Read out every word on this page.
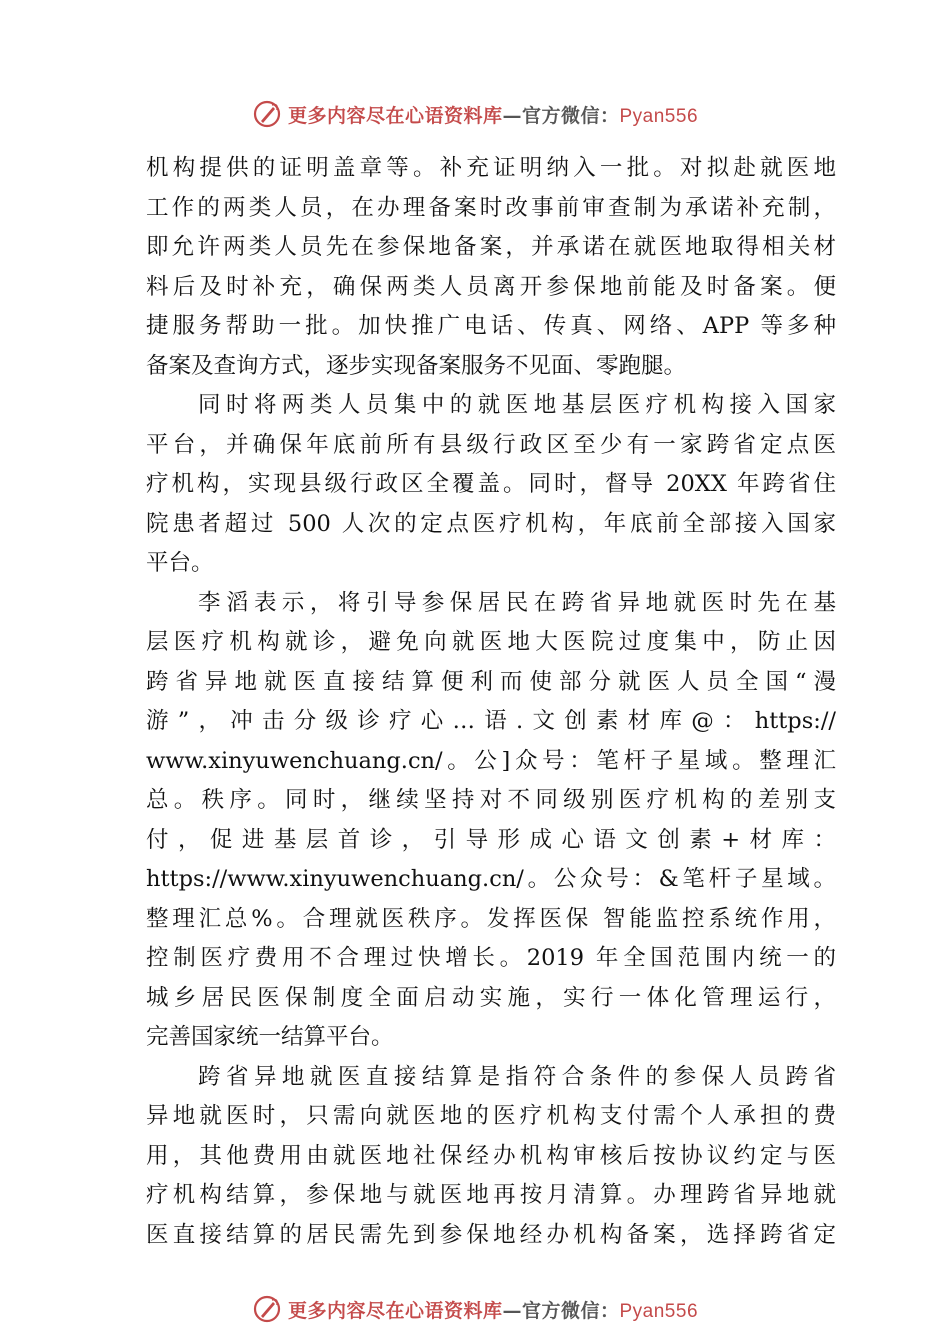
更多内容尽在心语资料库—官方微信：Pyan556
机构提供的证明盖章等。补充证明纳入一批。对拟赴就医地
工作的两类人员，在办理备案时改事前审查制为承诺补充制，
即允许两类人员先在参保地备案，并承诺在就医地取得相关材
料后及时补充，确保两类人员离开参保地前能及时备案。便
捷服务帮助一批。加快推广电话、传真、网络、APP 等多种
备案及查询方式，逐步实现备案服务不见面、零跑腿。
同时将两类人员集中的就医地基层医疗机构接入国家
平台，并确保年底前所有县级行政区至少有一家跨省定点医
疗机构，实现县级行政区全覆盖。同时，督导 20XX 年跨省住
院患者超过 500 人次的定点医疗机构，年底前全部接入国家
平台。
李滔表示，将引导参保居民在跨省异地就医时先在基
层医疗机构就诊，避免向就医地大医院过度集中，防止因
跨省异地就医直接结算便利而使部分就医人员全国“漫
游”，冲击分级诊疗心…语.文创素材库@：https://
www.xinyuwenchuang.cn/。公]众号：笔杆子星域。整理汇
总。秩序。同时，继续坚持对不同级别医疗机构的差别支
付，促进基层首诊，引导形成心语文创素+材库：
https://www.xinyuwenchuang.cn/。公众号：&笔杆子星域。
整理汇总%。合理就医秩序。发挥医保 智能监控系统作用，
控制医疗费用不合理过快增长。2019 年全国范围内统一的
城乡居民医保制度全面启动实施，实行一体化管理运行，
完善国家统一结算平台。
跨省异地就医直接结算是指符合条件的参保人员跨省
异地就医时，只需向就医地的医疗机构支付需个人承担的费
用，其他费用由就医地社保经办机构审核后按协议约定与医
疗机构结算，参保地与就医地再按月清算。办理跨省异地就
医直接结算的居民需先到参保地经办机构备案，选择跨省定
更多内容尽在心语资料库—官方微信：Pyan556
